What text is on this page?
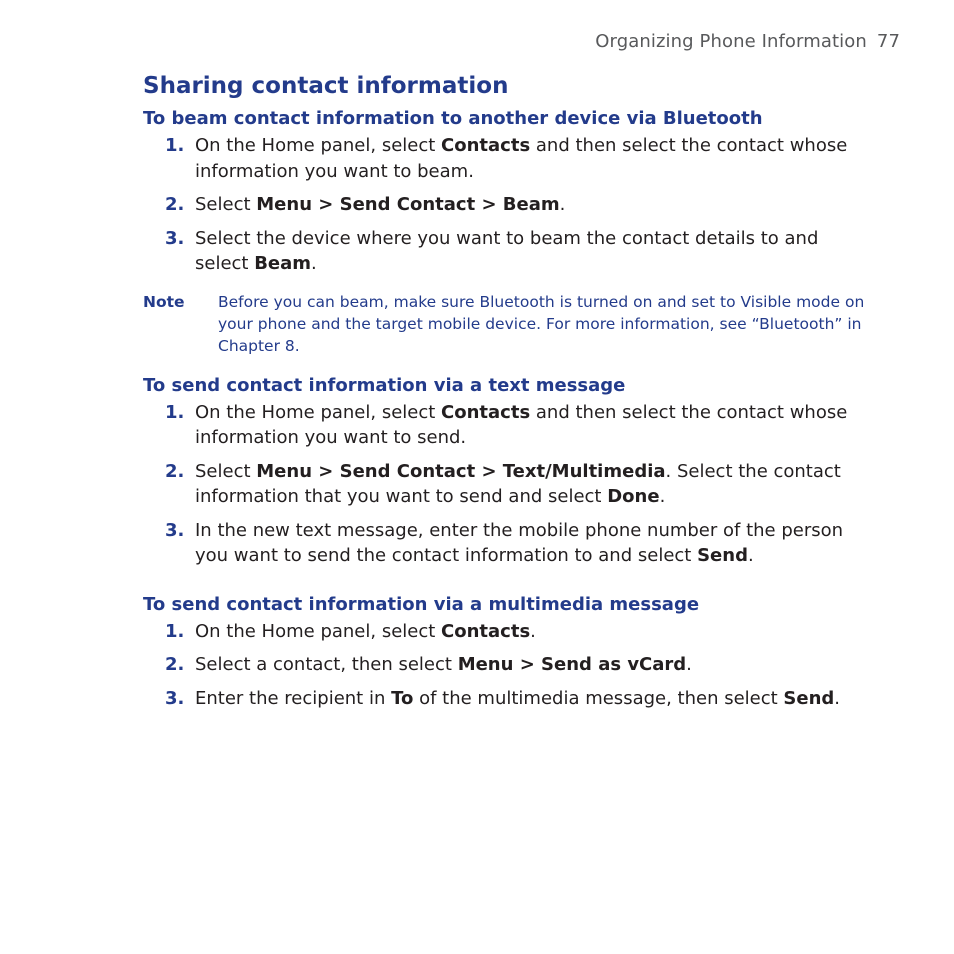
Organizing Phone Information 77
Sharing contact information
To beam contact information to another device via Bluetooth
1. On the Home panel, select Contacts and then select the contact whose information you want to beam.
2. Select Menu > Send Contact > Beam.
3. Select the device where you want to beam the contact details to and select Beam.
Note Before you can beam, make sure Bluetooth is turned on and set to Visible mode on your phone and the target mobile device. For more information, see “Bluetooth” in Chapter 8.
To send contact information via a text message
1. On the Home panel, select Contacts and then select the contact whose information you want to send.
2. Select Menu > Send Contact > Text/Multimedia. Select the contact information that you want to send and select Done.
3. In the new text message, enter the mobile phone number of the person you want to send the contact information to and select Send.
To send contact information via a multimedia message
1. On the Home panel, select Contacts.
2. Select a contact, then select Menu > Send as vCard.
3. Enter the recipient in To of the multimedia message, then select Send.
